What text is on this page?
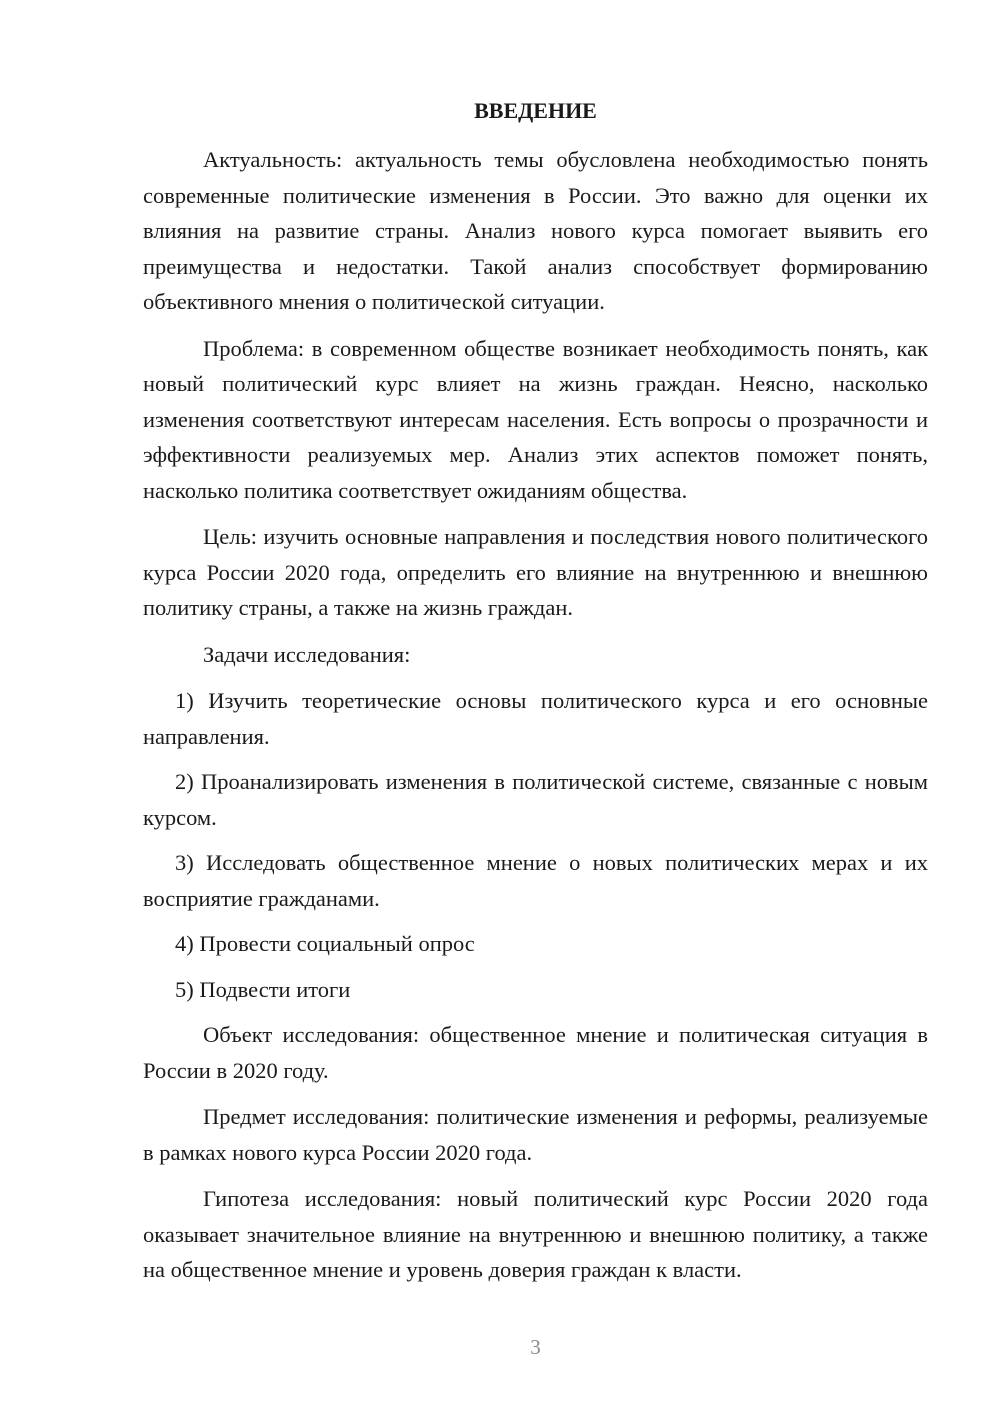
ВВЕДЕНИЕ

Актуальность: актуальность темы обусловлена необходимостью понять современные политические изменения в России. Это важно для оценки их влияния на развитие страны. Анализ нового курса помогает выявить его преимущества и недостатки. Такой анализ способствует формированию объективного мнения о политической ситуации.

Проблема: в современном обществе возникает необходимость понять, как новый политический курс влияет на жизнь граждан. Неясно, насколько изменения соответствуют интересам населения. Есть вопросы о прозрачности и эффективности реализуемых мер. Анализ этих аспектов поможет понять, насколько политика соответствует ожиданиям общества.

Цель: изучить основные направления и последствия нового политического курса России 2020 года, определить его влияние на внутреннюю и внешнюю политику страны, а также на жизнь граждан.

Задачи исследования:

1) Изучить теоретические основы политического курса и его основные направления.

2) Проанализировать изменения в политической системе, связанные с новым курсом.

3) Исследовать общественное мнение о новых политических мерах и их восприятие гражданами.

4) Провести социальный опрос

5) Подвести итоги

Объект исследования: общественное мнение и политическая ситуация в России в 2020 году.

Предмет исследования: политические изменения и реформы, реализуемые в рамках нового курса России 2020 года.

Гипотеза исследования: новый политический курс России 2020 года оказывает значительное влияние на внутреннюю и внешнюю политику, а также на общественное мнение и уровень доверия граждан к власти.

3
